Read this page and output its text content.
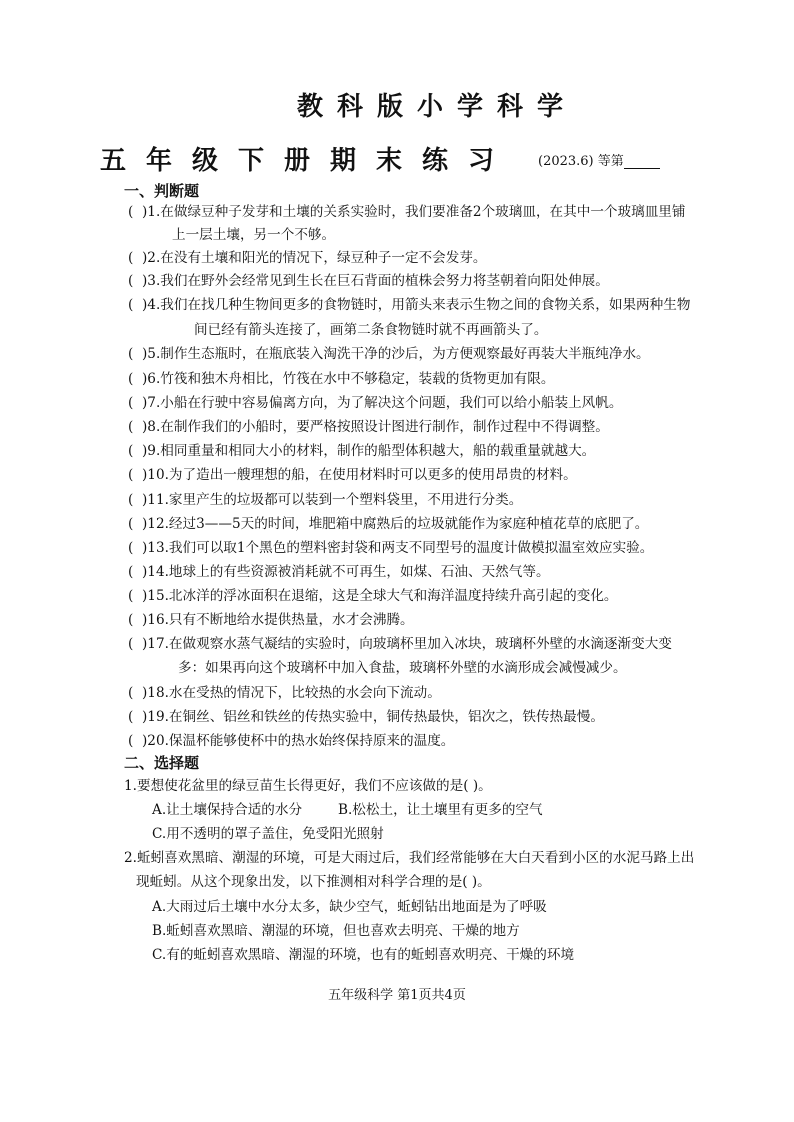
教科版小学科学
五年级下册期末练习 (2023.6) 等第
一、判断题
( )1.在做绿豆种子发芽和土壤的关系实验时，我们要准备2个玻璃皿，在其中一个玻璃皿里铺
上一层土壤，另一个不够。
( )2.在没有土壤和阳光的情况下，绿豆种子一定不会发芽。
( )3.我们在野外会经常见到生长在巨石背面的植株会努力将茎朝着向阳处伸展。
( )4.我们在找几种生物间更多的食物链时，用箭头来表示生物之间的食物关系，如果两种生物
间已经有箭头连接了，画第二条食物链时就不再画箭头了。
( )5.制作生态瓶时，在瓶底装入淘洗干净的沙后，为方便观察最好再装大半瓶纯净水。
( )6.竹筏和独木舟相比，竹筏在水中不够稳定，装载的货物更加有限。
( )7.小船在行驶中容易偏离方向，为了解决这个问题，我们可以给小船装上风帆。
( )8.在制作我们的小船时，要严格按照设计图进行制作，制作过程中不得调整。
( )9.相同重量和相同大小的材料，制作的船型体积越大，船的载重量就越大。
( )10.为了造出一艘理想的船，在使用材料时可以更多的使用昂贵的材料。
( )11.家里产生的垃圾都可以装到一个塑料袋里，不用进行分类。
( )12.经过3——5天的时间，堆肥箱中腐熟后的垃圾就能作为家庭种植花草的底肥了。
( )13.我们可以取1个黑色的塑料密封袋和两支不同型号的温度计做模拟温室效应实验。
( )14.地球上的有些资源被消耗就不可再生，如煤、石油、天然气等。
( )15.北冰洋的浮冰面积在退缩，这是全球大气和海洋温度持续升高引起的变化。
( )16.只有不断地给水提供热量，水才会沸腾。
( )17.在做观察水蒸气凝结的实验时，向玻璃杯里加入冰块，玻璃杯外壁的水滴逐渐变大变
多：如果再向这个玻璃杯中加入食盐，玻璃杯外壁的水滴形成会减慢减少。
( )18.水在受热的情况下，比较热的水会向下流动。
( )19.在铜丝、铝丝和铁丝的传热实验中，铜传热最快，铝次之，铁传热最慢。
( )20.保温杯能够使杯中的热水始终保持原来的温度。
二、选择题
1.要想使花盆里的绿豆苗生长得更好，我们不应该做的是( )。
A.让土壤保持合适的水分	B.松松土，让土壤里有更多的空气
C.用不透明的罩子盖住，免受阳光照射
2.蚯蚓喜欢黑暗、潮湿的环境，可是大雨过后，我们经常能够在大白天看到小区的水泥马路上出
现蚯蚓。从这个现象出发，以下推测相对科学合理的是( )。
A.大雨过后土壤中水分太多，缺少空气，蚯蚓钻出地面是为了呼吸
B.蚯蚓喜欢黑暗、潮湿的环境，但也喜欢去明亮、干燥的地方
C.有的蚯蚓喜欢黑暗、潮湿的环境，也有的蚯蚓喜欢明亮、干燥的环境
五年级科学 第1页共4页
